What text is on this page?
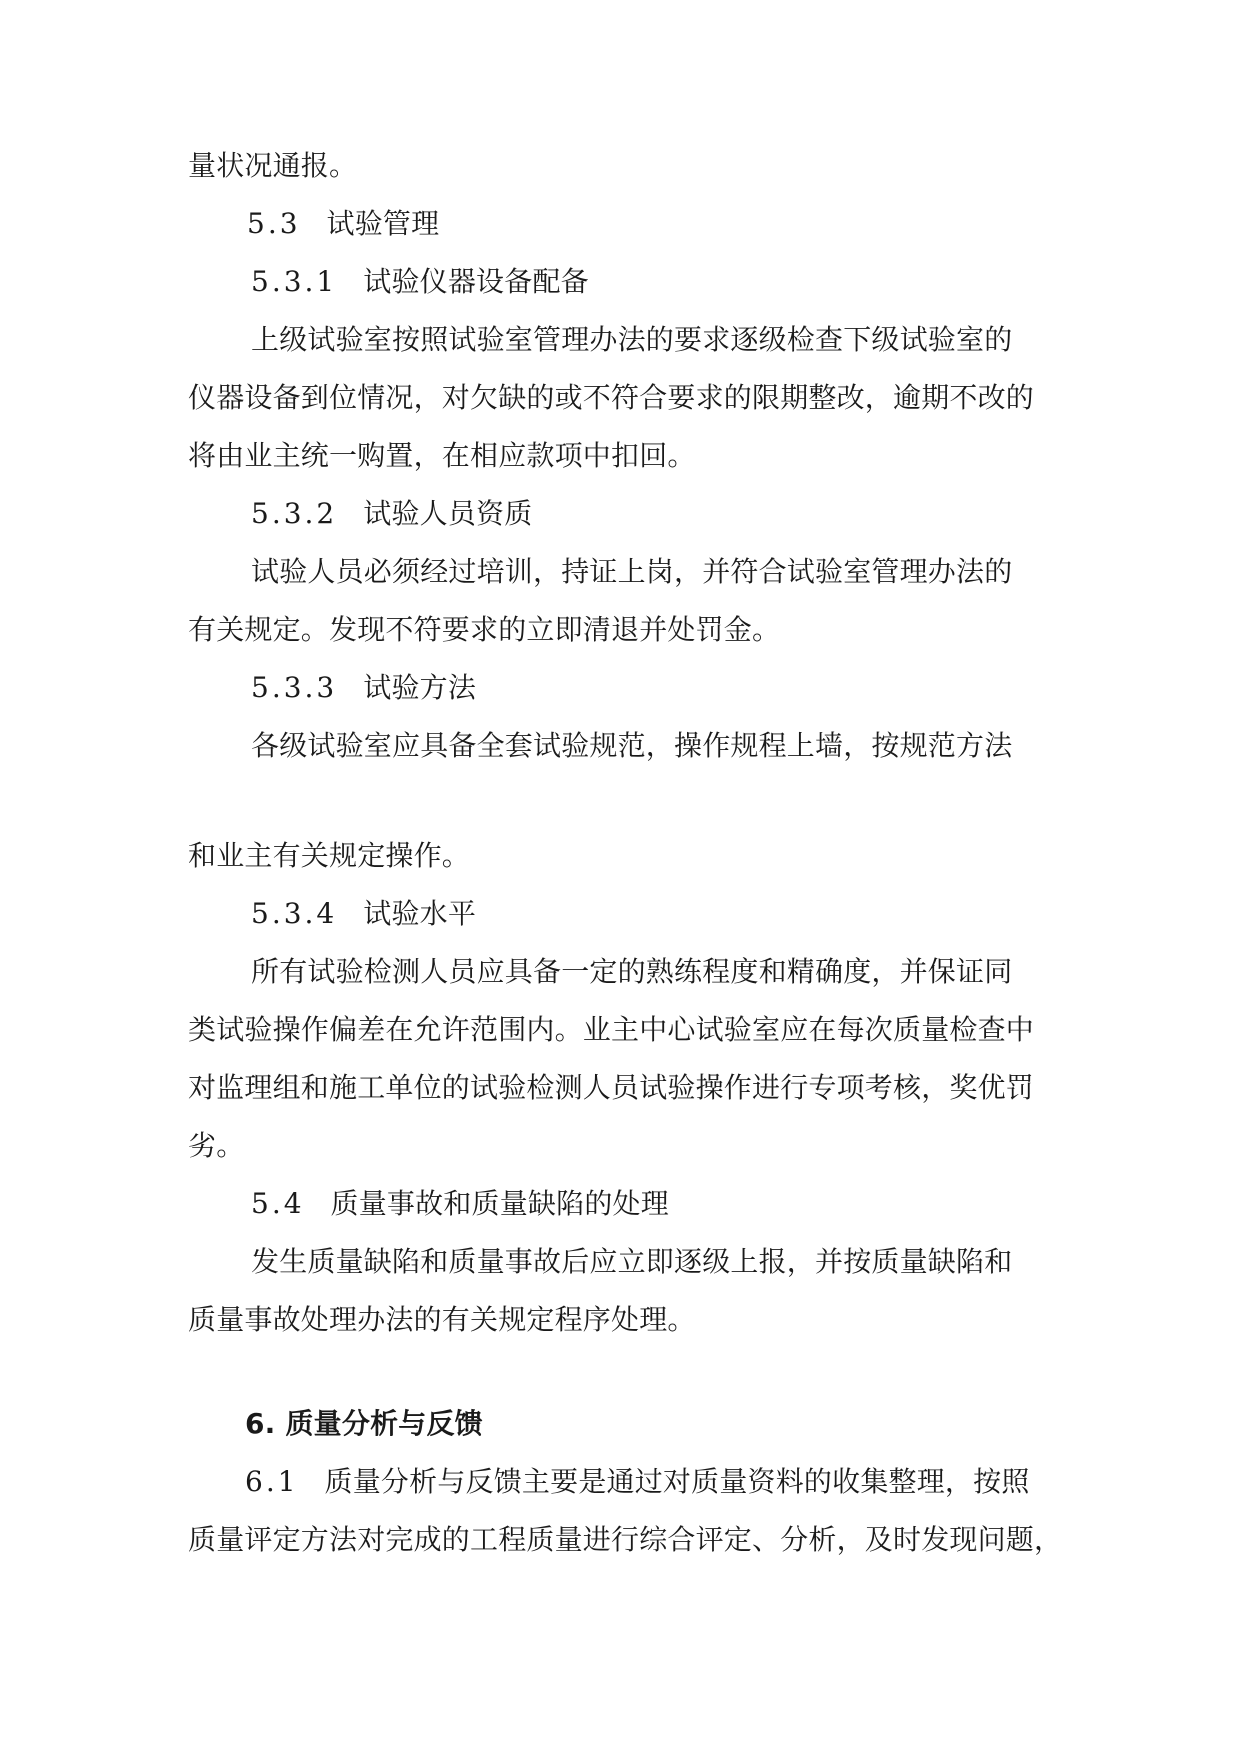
量状况通报。
5.3 试验管理
5.3.1 试验仪器设备配备
上级试验室按照试验室管理办法的要求逐级检查下级试验室的
仪器设备到位情况，对欠缺的或不符合要求的限期整改，逾期不改的
将由业主统一购置，在相应款项中扣回。
5.3.2 试验人员资质
试验人员必须经过培训，持证上岗，并符合试验室管理办法的
有关规定。发现不符要求的立即清退并处罚金。
5.3.3 试验方法
各级试验室应具备全套试验规范，操作规程上墙，按规范方法
和业主有关规定操作。
5.3.4 试验水平
所有试验检测人员应具备一定的熟练程度和精确度，并保证同
类试验操作偏差在允许范围内。业主中心试验室应在每次质量检查中
对监理组和施工单位的试验检测人员试验操作进行专项考核，奖优罚
劣。
5.4 质量事故和质量缺陷的处理
发生质量缺陷和质量事故后应立即逐级上报，并按质量缺陷和
质量事故处理办法的有关规定程序处理。
6. 质量分析与反馈
6.1 质量分析与反馈主要是通过对质量资料的收集整理，按照
质量评定方法对完成的工程质量进行综合评定、分析，及时发现问题，
